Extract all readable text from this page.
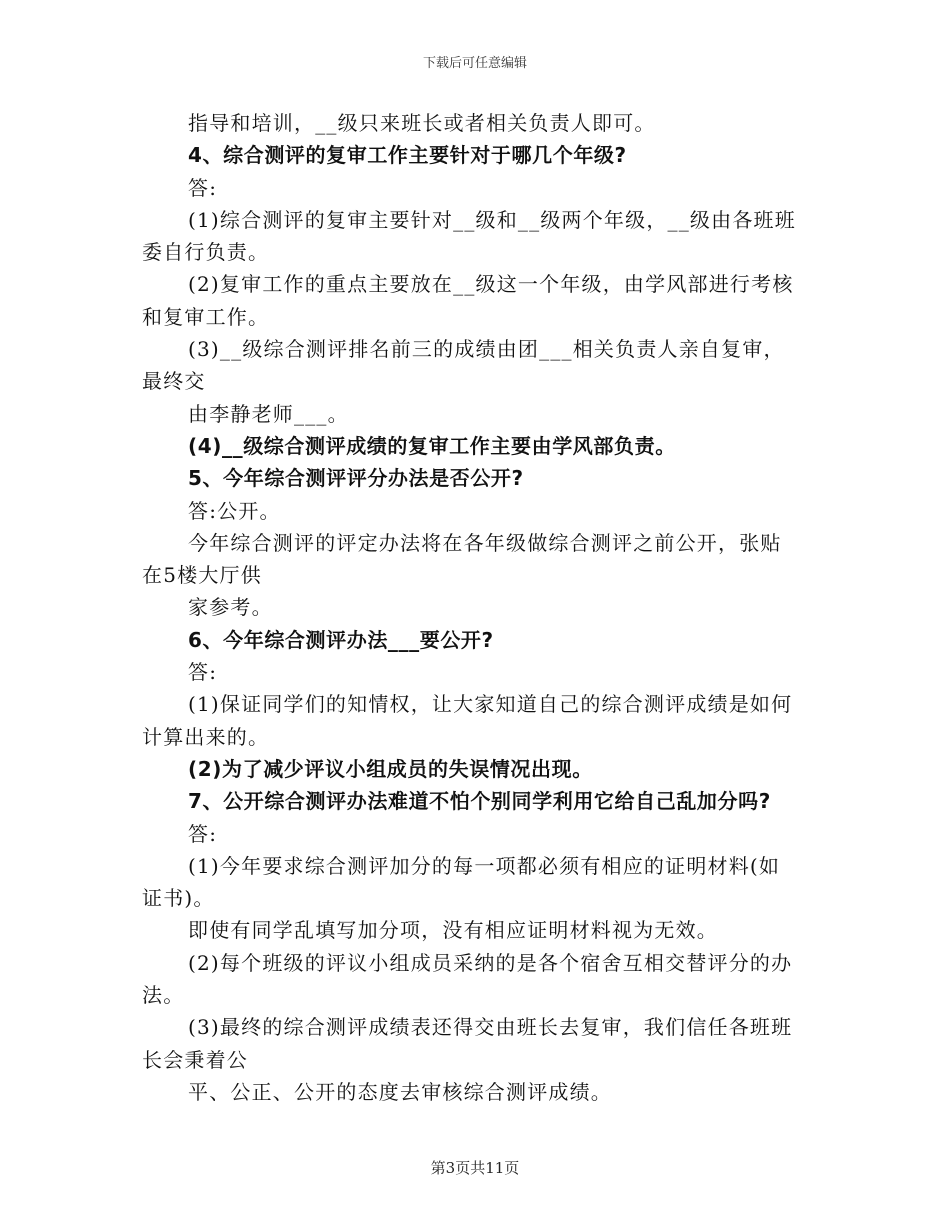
下载后可任意编辑

指导和培训，__级只来班长或者相关负责人即可。

4、综合测评的复审工作主要针对于哪几个年级?

答:

(1)综合测评的复审主要针对__级和__级两个年级，__级由各班班

委自行负责。

(2)复审工作的重点主要放在__级这一个年级，由学风部进行考核

和复审工作。

(3)__级综合测评排名前三的成绩由团___相关负责人亲自复审，

最终交

由李静老师___。

(4)__级综合测评成绩的复审工作主要由学风部负责。

5、今年综合测评评分办法是否公开?

答:公开。

今年综合测评的评定办法将在各年级做综合测评之前公开，张贴

在5楼大厅供

家参考。

6、今年综合测评办法___要公开?

答:

(1)保证同学们的知情权，让大家知道自己的综合测评成绩是如何

计算出来的。

(2)为了减少评议小组成员的失误情况出现。

7、公开综合测评办法难道不怕个别同学利用它给自己乱加分吗?

答:

(1)今年要求综合测评加分的每一项都必须有相应的证明材料(如

证书)。

即使有同学乱填写加分项，没有相应证明材料视为无效。

(2)每个班级的评议小组成员采纳的是各个宿舍互相交替评分的办

法。

(3)最终的综合测评成绩表还得交由班长去复审，我们信任各班班

长会秉着公

平、公正、公开的态度去审核综合测评成绩。

第3页共11页
